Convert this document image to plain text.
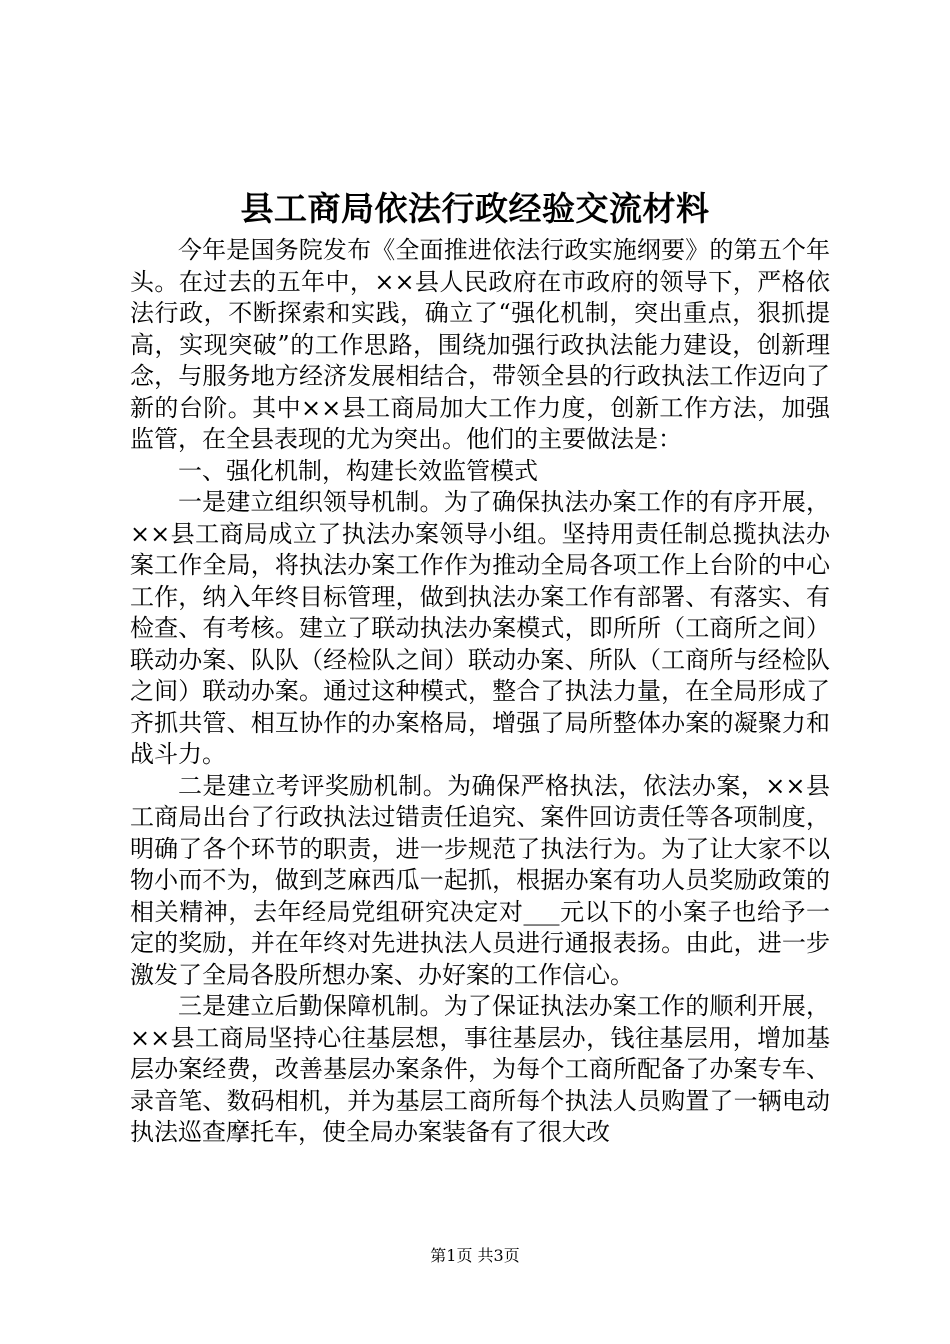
县工商局依法行政经验交流材料

今年是国务院发布《全面推进依法行政实施纲要》的第五个年头。在过去的五年中，××县人民政府在市政府的领导下，严格依法行政，不断探索和实践，确立了“强化机制，突出重点，狠抓提高，实现突破”的工作思路，围绕加强行政执法能力建设，创新理念，与服务地方经济发展相结合，带领全县的行政执法工作迈向了新的台阶。其中××县工商局加大工作力度，创新工作方法，加强监管，在全县表现的尤为突出。他们的主要做法是：

一、强化机制，构建长效监管模式

一是建立组织领导机制。为了确保执法办案工作的有序开展，××县工商局成立了执法办案领导小组。坚持用责任制总揽执法办案工作全局，将执法办案工作作为推动全局各项工作上台阶的中心工作，纳入年终目标管理，做到执法办案工作有部署、有落实、有检查、有考核。建立了联动执法办案模式，即所所（工商所之间）联动办案、队队（经检队之间）联动办案、所队（工商所与经检队之间）联动办案。通过这种模式，整合了执法力量，在全局形成了齐抓共管、相互协作的办案格局，增强了局所整体办案的凝聚力和战斗力。

二是建立考评奖励机制。为确保严格执法，依法办案，××县工商局出台了行政执法过错责任追究、案件回访责任等各项制度，明确了各个环节的职责，进一步规范了执法行为。为了让大家不以物小而不为，做到芝麻西瓜一起抓，根据办案有功人员奖励政策的相关精神，去年经局党组研究决定对___元以下的小案子也给予一定的奖励，并在年终对先进执法人员进行通报表扬。由此，进一步激发了全局各股所想办案、办好案的工作信心。

三是建立后勤保障机制。为了保证执法办案工作的顺利开展，××县工商局坚持心往基层想，事往基层办，钱往基层用，增加基层办案经费，改善基层办案条件，为每个工商所配备了办案专车、录音笔、数码相机，并为基层工商所每个执法人员购置了一辆电动执法巡查摩托车，使全局办案装备有了很大改

第1页 共3页
